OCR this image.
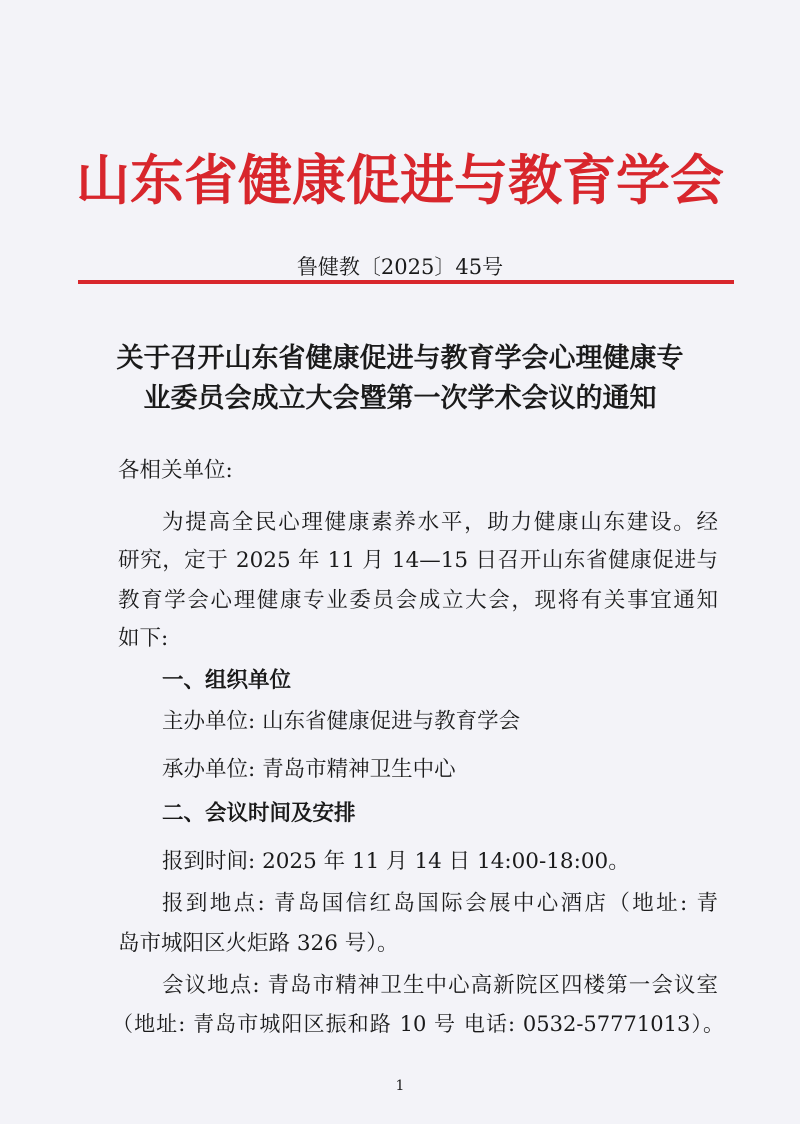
山东省健康促进与教育学会
鲁健教〔2025〕45号
关于召开山东省健康促进与教育学会心理健康专
业委员会成立大会暨第一次学术会议的通知
各相关单位:
为提高全民心理健康素养水平，助力健康山东建设。经
研究，定于 2025 年 11 月 14—15 日召开山东省健康促进与
教育学会心理健康专业委员会成立大会，现将有关事宜通知
如下:
一、组织单位
主办单位: 山东省健康促进与教育学会
承办单位: 青岛市精神卫生中心
二、会议时间及安排
报到时间: 2025 年 11 月 14 日 14:00-18:00。
报到地点: 青岛国信红岛国际会展中心酒店（地址: 青
岛市城阳区火炬路 326 号）。
会议地点: 青岛市精神卫生中心高新院区四楼第一会议室
（地址: 青岛市城阳区振和路 10 号 电话: 0532-57771013）。
1
